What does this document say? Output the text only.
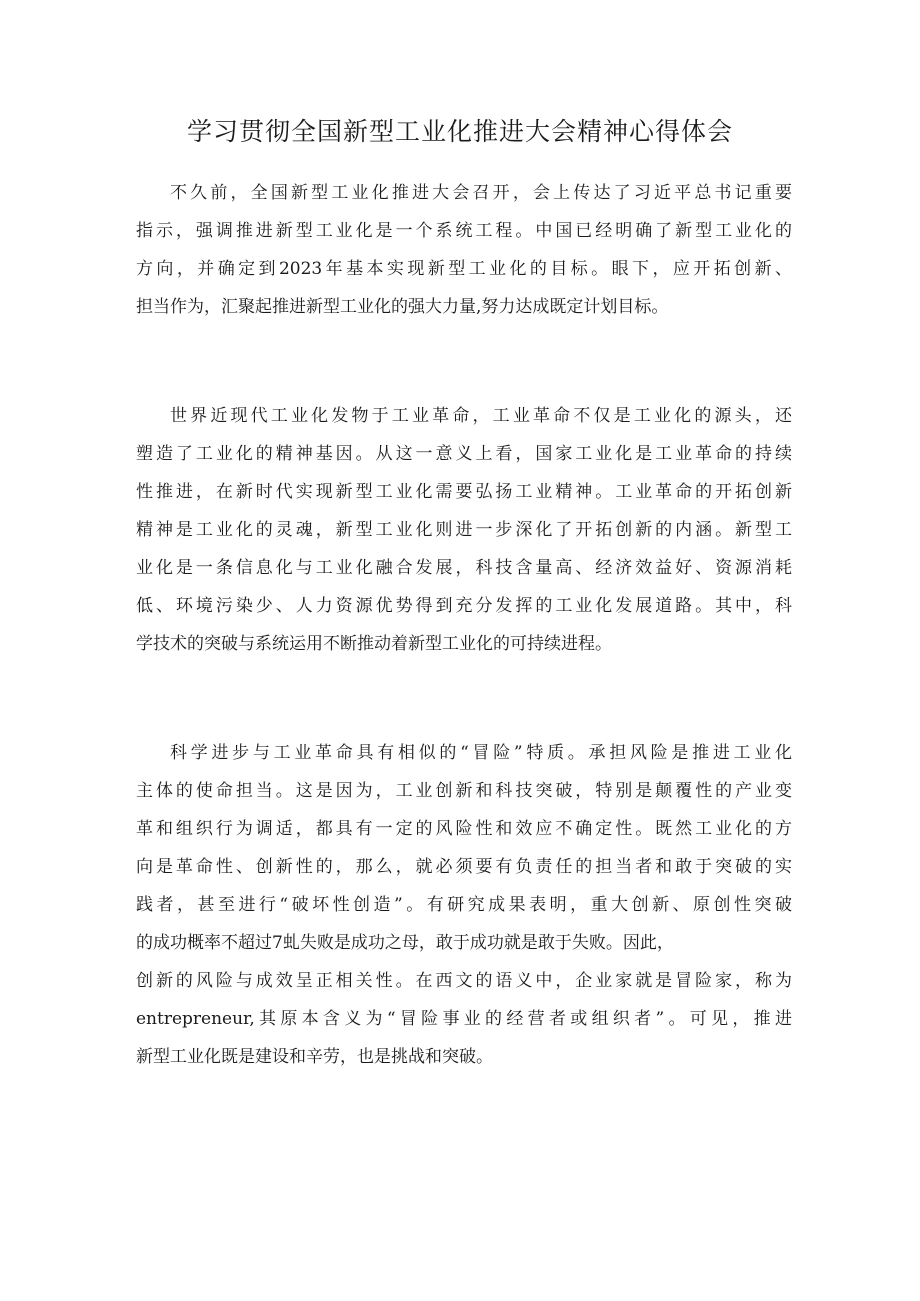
学习贯彻全国新型工业化推进大会精神心得体会
不久前，全国新型工业化推进大会召开，会上传达了习近平总书记重要
指示，强调推进新型工业化是一个系统工程。中国已经明确了新型工业化的
方向，并确定到2023年基本实现新型工业化的目标。眼下，应开拓创新、
担当作为，汇聚起推进新型工业化的强大力量,努力达成既定计划目标。
世界近现代工业化发物于工业革命，工业革命不仅是工业化的源头，还
塑造了工业化的精神基因。从这一意义上看，国家工业化是工业革命的持续
性推进，在新时代实现新型工业化需要弘扬工业精神。工业革命的开拓创新
精神是工业化的灵魂，新型工业化则进一步深化了开拓创新的内涵。新型工
业化是一条信息化与工业化融合发展，科技含量高、经济效益好、资源消耗
低、环境污染少、人力资源优势得到充分发挥的工业化发展道路。其中，科
学技术的突破与系统运用不断推动着新型工业化的可持续进程。
科学进步与工业革命具有相似的“冒险”特质。承担风险是推进工业化
主体的使命担当。这是因为，工业创新和科技突破，特别是颠覆性的产业变
革和组织行为调适，都具有一定的风险性和效应不确定性。既然工业化的方
向是革命性、创新性的，那么，就必须要有负责任的担当者和敢于突破的实
践者，甚至进行“破坏性创造”。有研究成果表明，重大创新、原创性突破
的成功概率不超过7虬失败是成功之母，敢于成功就是敢于失败。因此，
创新的风险与成效呈正相关性。在西文的语义中，企业家就是冒险家，称为
entrepreneur,其原本含义为“冒险事业的经营者或组织者”。可见，推进
新型工业化既是建设和辛劳，也是挑战和突破。
